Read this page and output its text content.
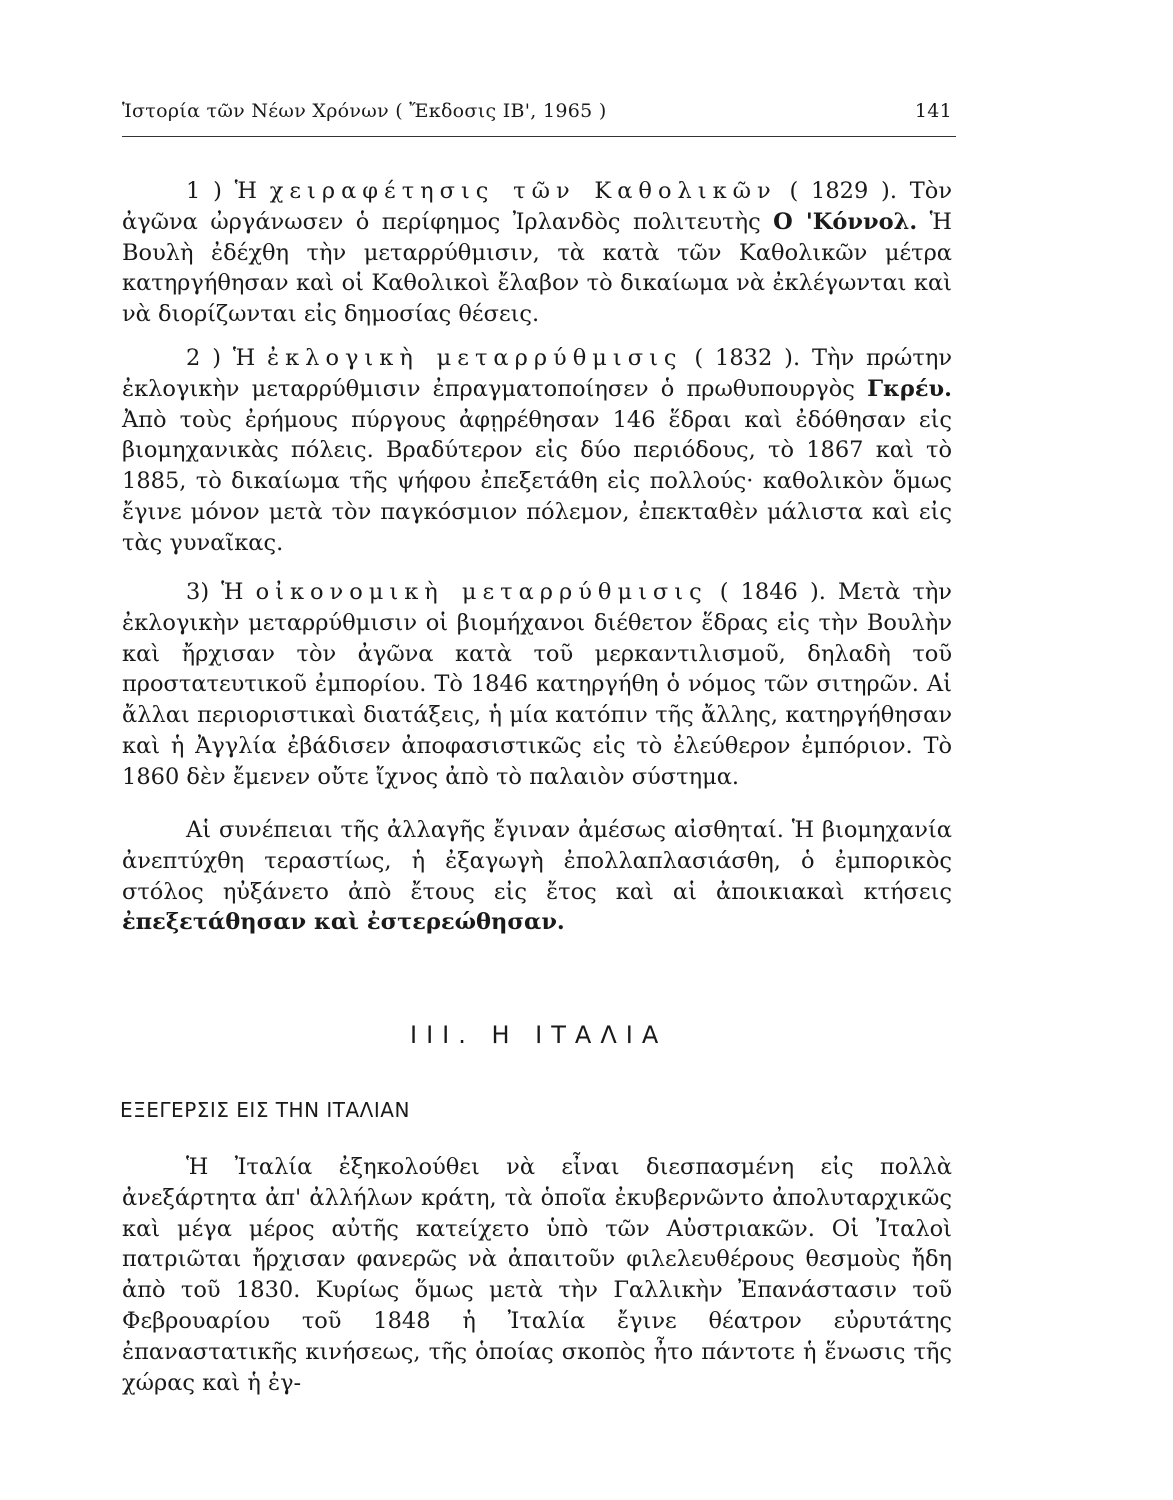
Ἱστορία τῶν Νέων Χρόνων ( Ἔκδοσις ΙΒ', 1965 )	141

1 ) Ἡ χειραφέτησις τῶν Καθολικῶν ( 1829 ). Τὸν ἀγῶνα ὠργάνωσεν ὁ περίφημος Ἰρλανδὸς πολιτευτὴς Ο 'Κόννολ. Ἡ Βουλὴ ἐδέχθη τὴν μεταρρύθμισιν, τὰ κατὰ τῶν Καθολικῶν μέτρα κατηργήθησαν καὶ οἱ Καθολικοὶ ἔλαβον τὸ δικαίωμα νὰ ἐκλέγωνται καὶ νὰ διορίζωνται εἰς δημοσίας θέσεις.

2 ) Ἡ ἐκλογικὴ μεταρρύθμισις ( 1832 ). Τὴν πρώτην ἐκλογικὴν μεταρρύθμισιν ἐπραγματοποίησεν ὁ πρωθυπουργὸς Γκρέυ. Ἀπὸ τοὺς ἐρήμους πύργους ἀφῃρέθησαν 146 ἕδραι καὶ ἐδόθησαν εἰς βιομηχανικὰς πόλεις. Βραδύτερον εἰς δύο περιόδους, τὸ 1867 καὶ τὸ 1885, τὸ δικαίωμα τῆς ψήφου ἐπεξετάθη εἰς πολλούς· καθολικὸν ὅμως ἔγινε μόνον μετὰ τὸν παγκόσμιον πόλεμον, ἐπεκταθὲν μάλιστα καὶ εἰς τὰς γυναῖκας.

3) Ἡ οἰκονομικὴ μεταρρύθμισις ( 1846 ). Μετὰ τὴν ἐκλογικὴν μεταρρύθμισιν οἱ βιομήχανοι διέθετον ἕδρας εἰς τὴν Βουλὴν καὶ ἤρχισαν τὸν ἀγῶνα κατὰ τοῦ μερκαντιλισμοῦ, δηλαδὴ τοῦ προστατευτικοῦ ἐμπορίου. Τὸ 1846 κατηργήθη ὁ νόμος τῶν σιτηρῶν. Αἱ ἄλλαι περιοριστικαὶ διατάξεις, ἡ μία κατόπιν τῆς ἄλλης, κατηργήθησαν καὶ ἡ Ἀγγλία ἐβάδισεν ἀποφασιστικῶς εἰς τὸ ἐλεύθερον ἐμπόριον. Τὸ 1860 δὲν ἔμενεν οὔτε ἴχνος ἀπὸ τὸ παλαιὸν σύστημα.

Αἱ συνέπειαι τῆς ἀλλαγῆς ἔγιναν ἀμέσως αἰσθηταί. Ἡ βιομηχανία ἀνεπτύχθη τεραστίως, ἡ ἐξαγωγὴ ἐπολλαπλασιάσθη, ὁ ἐμπορικὸς στόλος ηὐξάνετο ἀπὸ ἔτους εἰς ἔτος καὶ αἱ ἀποικιακαὶ κτήσεις ἐπεξετάθησαν καὶ ἐστερεώθησαν.

III. Η ΙΤΑΛΙΑ
ΕΞΕΓΕΡΣΙΣ ΕΙΣ ΤΗΝ ΙΤΑΛΙΑΝ

Ἡ Ἰταλία ἐξηκολούθει νὰ εἶναι διεσπασμένη εἰς πολλὰ ἀνεξάρτητα ἀπ' ἀλλήλων κράτη, τὰ ὁποῖα ἐκυβερνῶντο ἀπολυταρχικῶς καὶ μέγα μέρος αὐτῆς κατείχετο ὑπὸ τῶν Αὐστριακῶν. Οἱ Ἰταλοὶ πατριῶται ἤρχισαν φανερῶς νὰ ἀπαιτοῦν φιλελευθέρους θεσμοὺς ἤδη ἀπὸ τοῦ 1830. Κυρίως ὅμως μετὰ τὴν Γαλλικὴν Ἐπανάστασιν τοῦ Φεβρουαρίου τοῦ 1848 ἡ Ἰταλία ἔγινε θέατρον εὐρυτάτης ἐπαναστατικῆς κινήσεως, τῆς ὁποίας σκοπὸς ἦτο πάντοτε ἡ ἕνωσις τῆς χώρας καὶ ἡ ἐγ-
